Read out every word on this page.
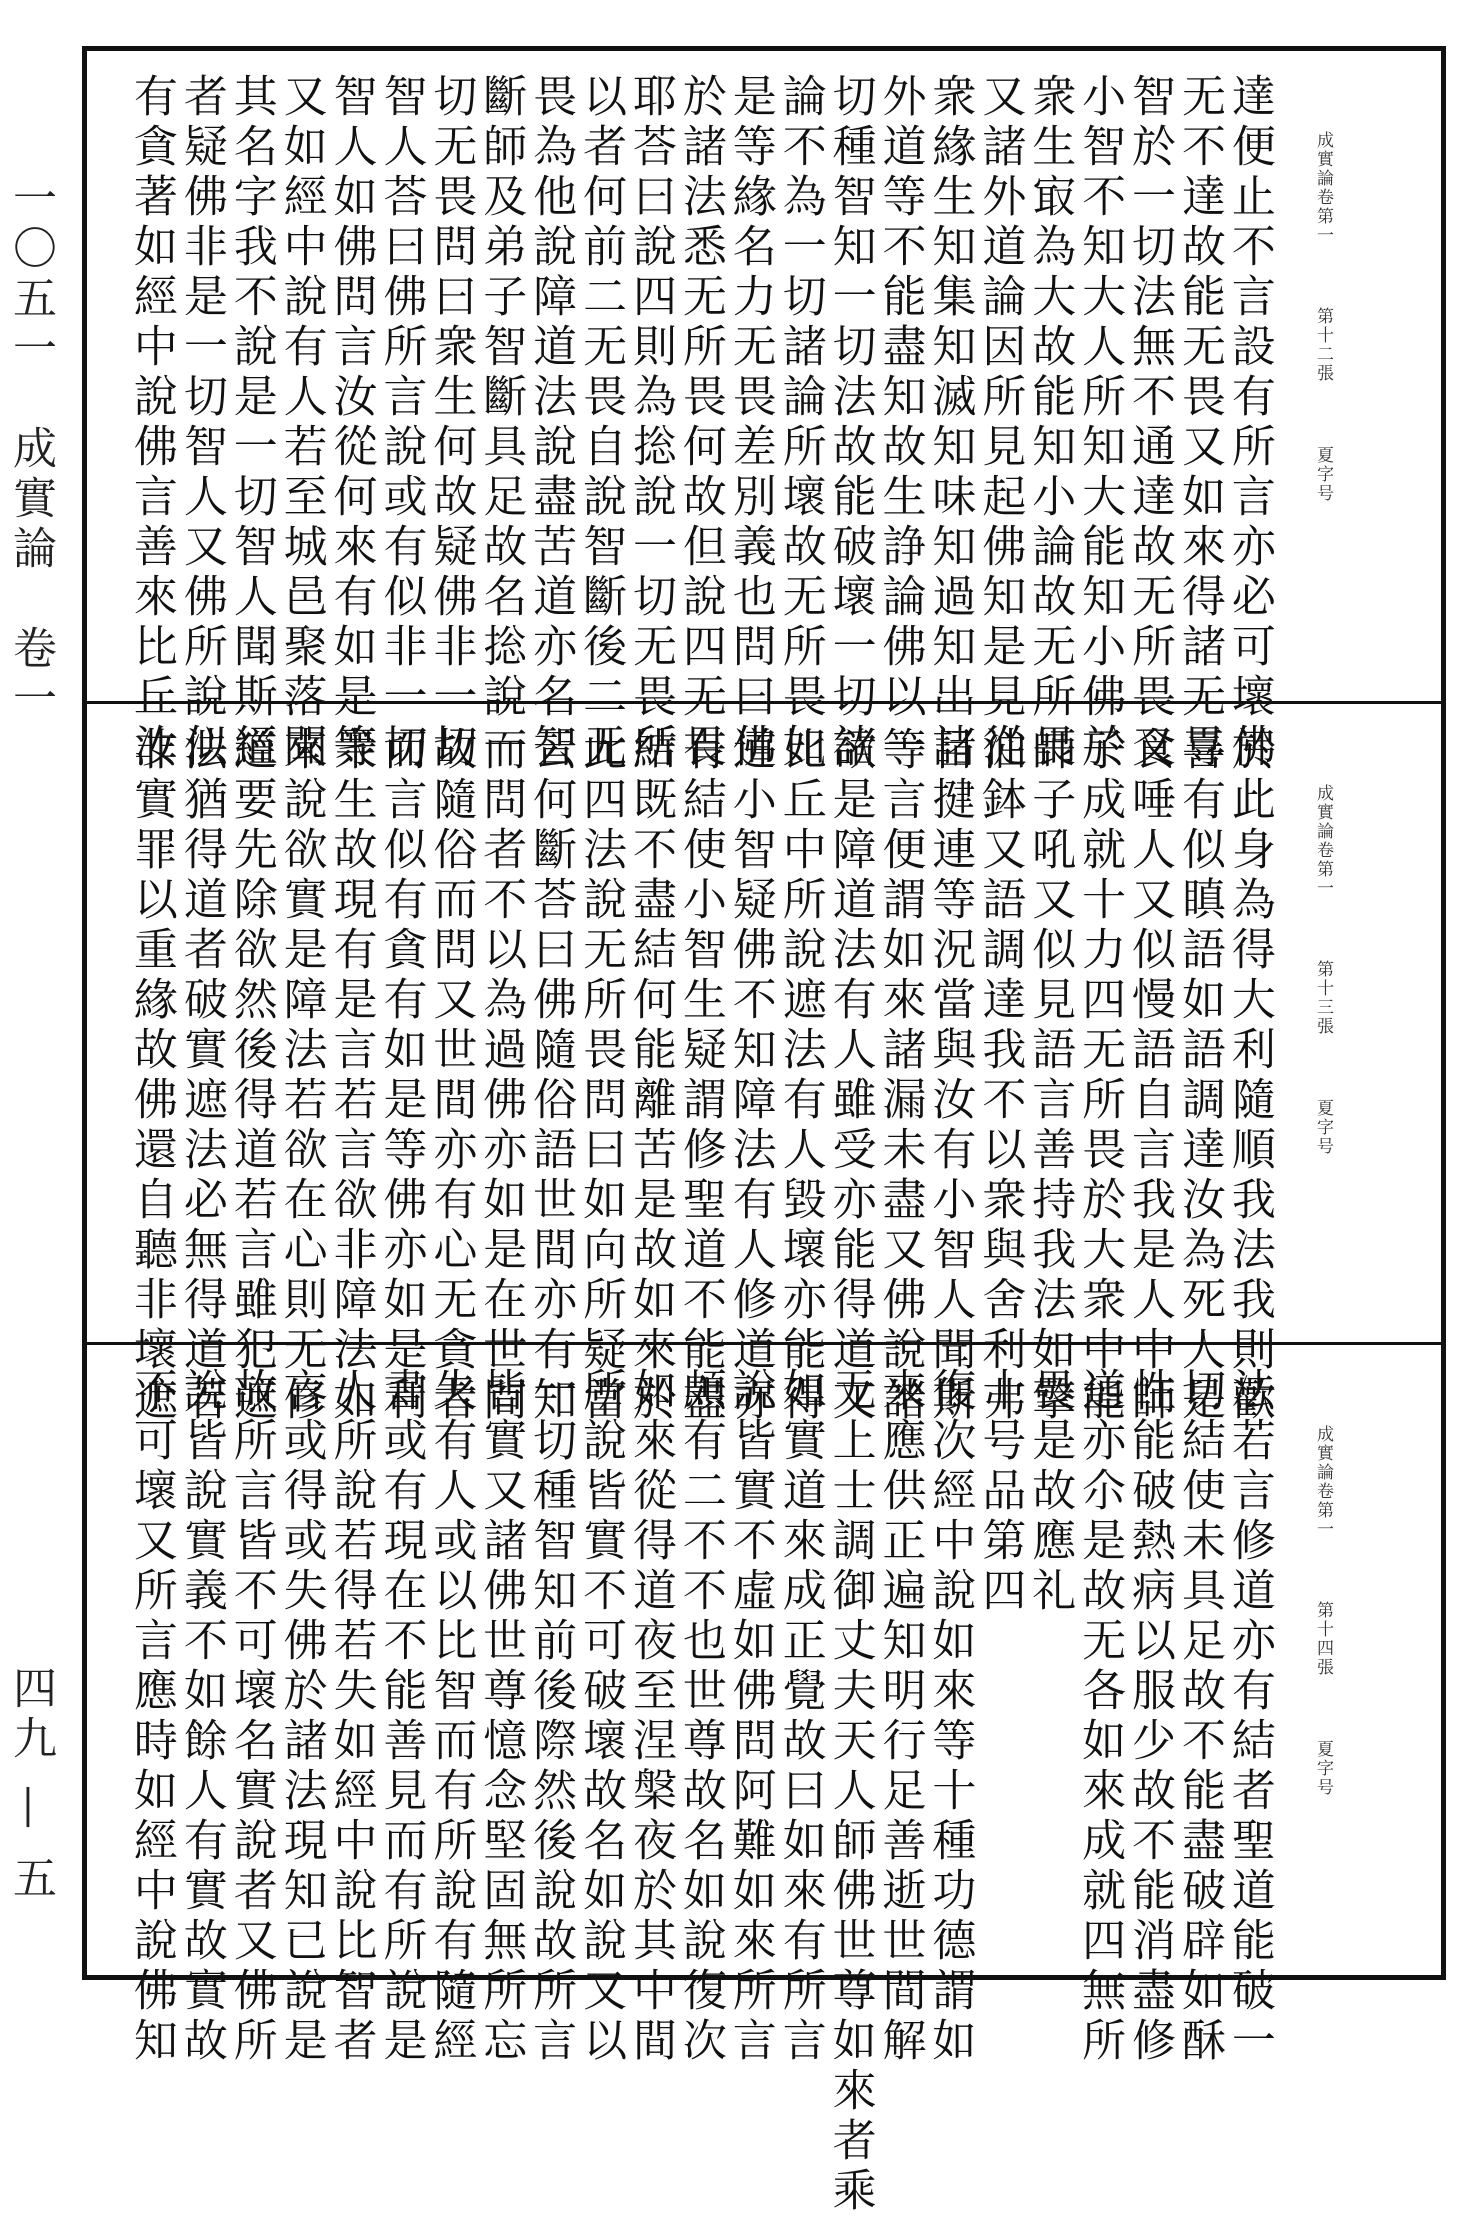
一〇五一　成實論　卷一
四九 — 五
成實論卷第一 第十二張 夏字号
達便止不言設有所言亦必可壞佛
无不達故能无畏又如來得諸无㝵
智於一切法無不通達故无所畏又
小智不知大人所知大能知小佛於
衆生㝡為大故能知小論故无所畏
又諸外道論因所見起佛知是見從
衆緣生知集知滅知味知過知出諸
外道等不能盡知故生諍論佛以一
切種智知一切法故能破壞一切諸
論不為一切諸論所壞故无所畏如
是等緣名力无畏差別義也問曰佛
於諸法悉无所畏何故但說四无畏
耶荅曰說四則為捴說一切无畏所
以者何前二无畏自說智斷後二无
畏為他說障道法說盡苦道亦名智
斷師及弟子智斷具足故名捴說一
切无畏問曰衆生何故疑佛非一切
智人荅曰佛所言說或有似非一切
智人如佛問言汝從何來有如是等
又如經中說有人若至城邑聚落聞
其名字我不說是一切智人聞斯經
者疑佛非是一切智人又佛所說似
有貪著如經中說佛言善來比丘汝
成實論卷第一 第十三張 夏字号
於此身為得大利隨順我法我則歡
喜有似瞋語如語調達汝為死人是
食唾人又似慢語自言我是人中師
子成就十力四无所畏於大衆中能
師子吼又似見語言善持我法如擎
油鉢又語調達我不以衆與舍利弗
目揵連等況當與汝有小智人聞斯
等言便謂如來諸漏未盡又佛說諸
欲是障道法有人雖受亦能得道又
比丘中所說遮法有人毀壞亦能得
道小智疑佛不知障法有人修道亦
有結使小智生疑謂修聖道不能盡
結既不盡結何能離苦是故如來於
此四法說无所畏問曰如向所疑當
云何斷荅曰佛隨俗語世間亦有知
而問者不以為過佛亦如是在世間
故隨俗而問又世間亦有心无貪者
而言似有貪有如是等佛亦如是利
衆生故現有是言若言欲非障法如
來說欲實是障法若欲在心則无修
道要先除欲然後得道若言雖犯遮
法猶得道者破實遮法必無得道若
非實罪以重緣故佛還自聽非壞遮
成實論卷第一 第十四張 夏字号
法若言修道亦有結者聖道能破一
切結使未具足故不能盡破辟如酥
性能破熱病以服少故不能消盡修
道亦尒是故无各如來成就四無所
畏是故應礼
十号品第四
復次經中說如來等十種功德謂如
來應供正遍知明行足善逝世間解
无上士調御丈夫天人師佛世尊如來者乘
如實道來成正覺故曰如來有所言
說皆實不虛如佛問阿難如來所言
頗有二不不也世尊故名如說復次
如來從得道夜至涅槃夜於其中間
所說皆實不可破壞故名如說又以
一切種智知前後際然後說故所言
皆實又諸佛世尊憶念堅固無所忘
失有人或以比智而有所說有隨經
書或有現在不能善見而有所說是
人所說若得若失如經中說比智者
言或得或失佛於諸法現知已說是
故所言皆不可壞名實說者又佛所
說皆說實義不如餘人有實故實故
不可壞又所言應時如經中說佛知
